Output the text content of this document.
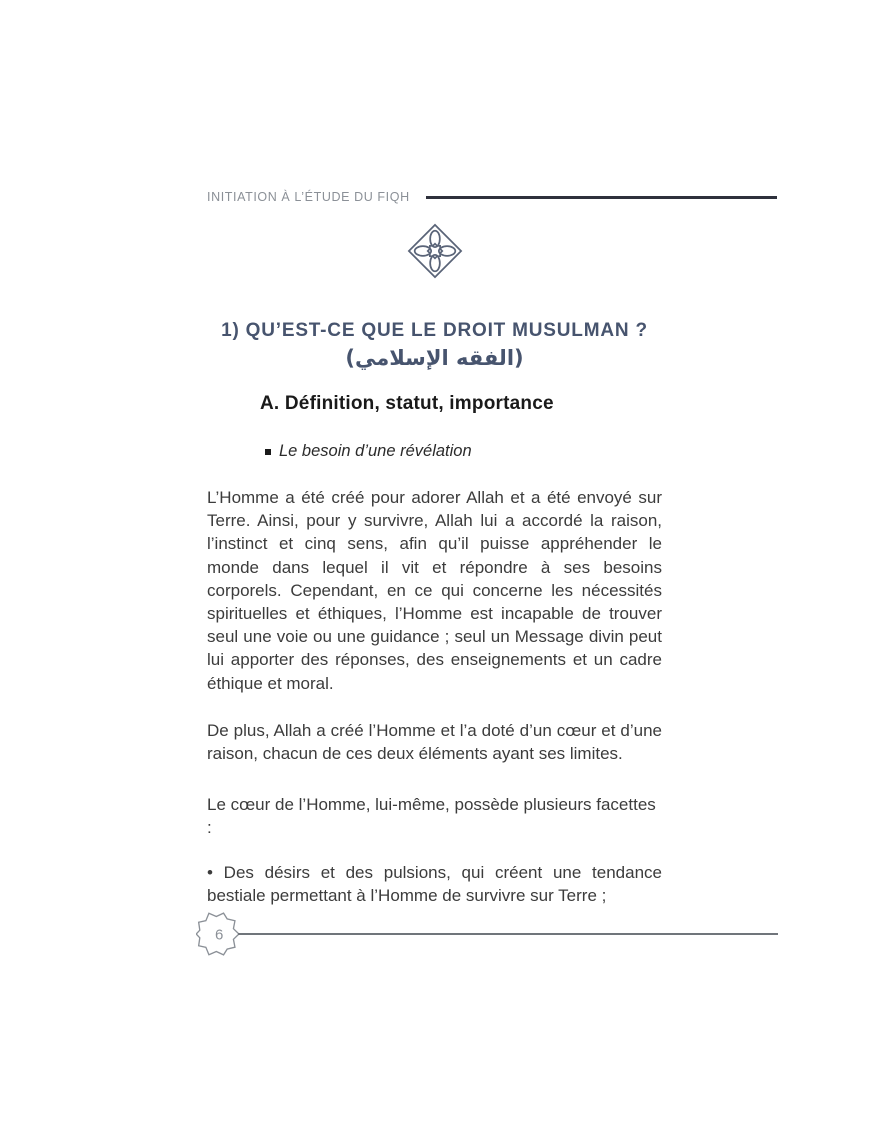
INITIATION À L’ÉTUDE DU FIQH
1) QU’EST-CE QUE LE DROIT MUSULMAN ?
(الفقه الإسلامي)
A. Définition, statut, importance
Le besoin d’une révélation

L’Homme a été créé pour adorer Allah et a été envoyé sur Terre. Ainsi, pour y survivre, Allah lui a accordé la raison, l’instinct et cinq sens, afin qu’il puisse appréhender le monde dans lequel il vit et répondre à ses besoins corporels. Cependant, en ce qui concerne les nécessités spirituelles et éthiques, l’Homme est incapable de trouver seul une voie ou une guidance ; seul un Message divin peut lui apporter des réponses, des enseignements et un cadre éthique et moral.

De plus, Allah a créé l’Homme et l’a doté d’un cœur et d’une raison, chacun de ces deux éléments ayant ses limites.

Le cœur de l’Homme, lui-même, possède plusieurs facettes :

• Des désirs et des pulsions, qui créent une tendance bestiale permettant à l’Homme de survivre sur Terre ;

6
